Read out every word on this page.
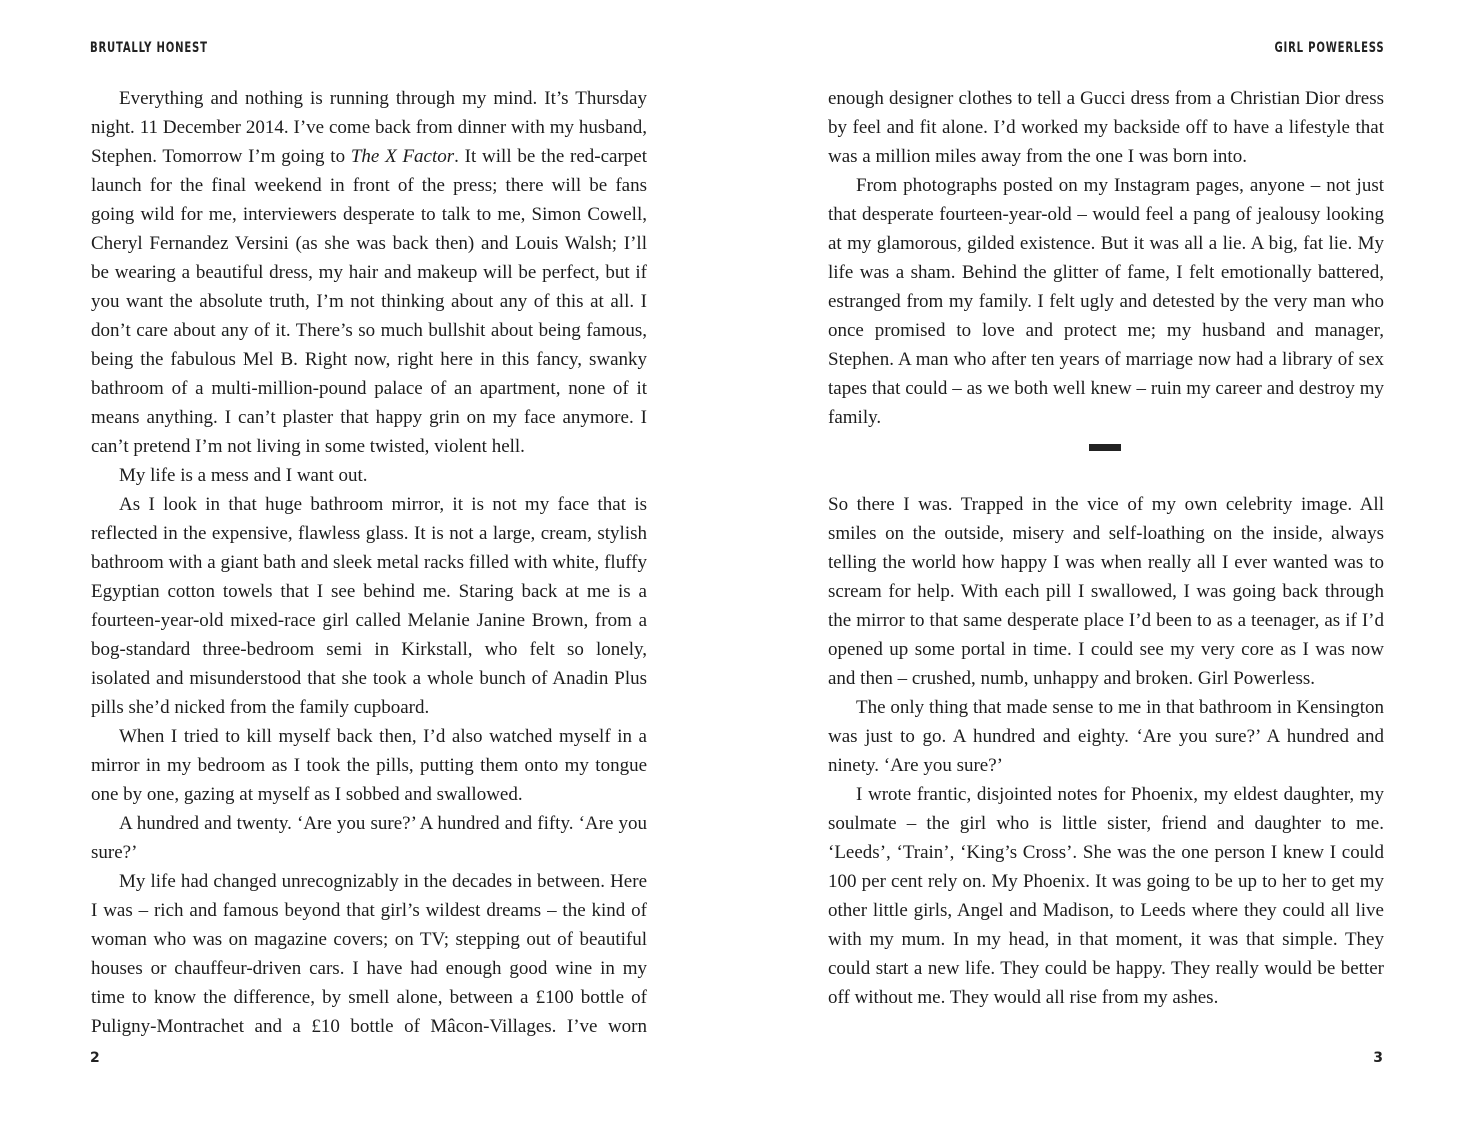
BRUTALLY HONEST

Everything and nothing is running through my mind. It’s Thursday night. 11 December 2014. I’ve come back from dinner with my husband, Stephen. Tomorrow I’m going to The X Factor. It will be the red-carpet launch for the final weekend in front of the press; there will be fans going wild for me, interviewers desperate to talk to me, Simon Cowell, Cheryl Fernandez Versini (as she was back then) and Louis Walsh; I’ll be wearing a beautiful dress, my hair and makeup will be perfect, but if you want the absolute truth, I’m not thinking about any of this at all. I don’t care about any of it. There’s so much bullshit about being famous, being the fabulous Mel B. Right now, right here in this fancy, swanky bathroom of a multi-million-pound palace of an apartment, none of it means anything. I can’t plaster that happy grin on my face anymore. I can’t pretend I’m not living in some twisted, violent hell.

My life is a mess and I want out.

As I look in that huge bathroom mirror, it is not my face that is reflected in the expensive, flawless glass. It is not a large, cream, stylish bathroom with a giant bath and sleek metal racks filled with white, fluffy Egyptian cotton towels that I see behind me. Staring back at me is a fourteen-year-old mixed-race girl called Melanie Janine Brown, from a bog-standard three-bedroom semi in Kirkstall, who felt so lonely, isolated and misunderstood that she took a whole bunch of Anadin Plus pills she’d nicked from the family cupboard.

When I tried to kill myself back then, I’d also watched myself in a mirror in my bedroom as I took the pills, putting them onto my tongue one by one, gazing at myself as I sobbed and swallowed.

A hundred and twenty. ‘Are you sure?’ A hundred and fifty. ‘Are you sure?’

My life had changed unrecognizably in the decades in between. Here I was – rich and famous beyond that girl’s wildest dreams – the kind of woman who was on magazine covers; on TV; stepping out of beautiful houses or chauffeur-driven cars. I have had enough good wine in my time to know the difference, by smell alone, between a £100 bottle of Puligny-Montrachet and a £10 bottle of Mâcon-Villages. I’ve worn

2
GIRL POWERLESS

enough designer clothes to tell a Gucci dress from a Christian Dior dress by feel and fit alone. I’d worked my backside off to have a lifestyle that was a million miles away from the one I was born into.

From photographs posted on my Instagram pages, anyone – not just that desperate fourteen-year-old – would feel a pang of jealousy looking at my glamorous, gilded existence. But it was all a lie. A big, fat lie. My life was a sham. Behind the glitter of fame, I felt emotionally battered, estranged from my family. I felt ugly and detested by the very man who once promised to love and protect me; my husband and manager, Stephen. A man who after ten years of marriage now had a library of sex tapes that could – as we both well knew – ruin my career and destroy my family.

So there I was. Trapped in the vice of my own celebrity image. All smiles on the outside, misery and self-loathing on the inside, always telling the world how happy I was when really all I ever wanted was to scream for help. With each pill I swallowed, I was going back through the mirror to that same desperate place I’d been to as a teenager, as if I’d opened up some portal in time. I could see my very core as I was now and then – crushed, numb, unhappy and broken. Girl Powerless.

The only thing that made sense to me in that bathroom in Kensington was just to go. A hundred and eighty. ‘Are you sure?’ A hundred and ninety. ‘Are you sure?’

I wrote frantic, disjointed notes for Phoenix, my eldest daughter, my soulmate – the girl who is little sister, friend and daughter to me. ‘Leeds’, ‘Train’, ‘King’s Cross’. She was the one person I knew I could 100 per cent rely on. My Phoenix. It was going to be up to her to get my other little girls, Angel and Madison, to Leeds where they could all live with my mum. In my head, in that moment, it was that simple. They could start a new life. They could be happy. They really would be better off without me. They would all rise from my ashes.

3
